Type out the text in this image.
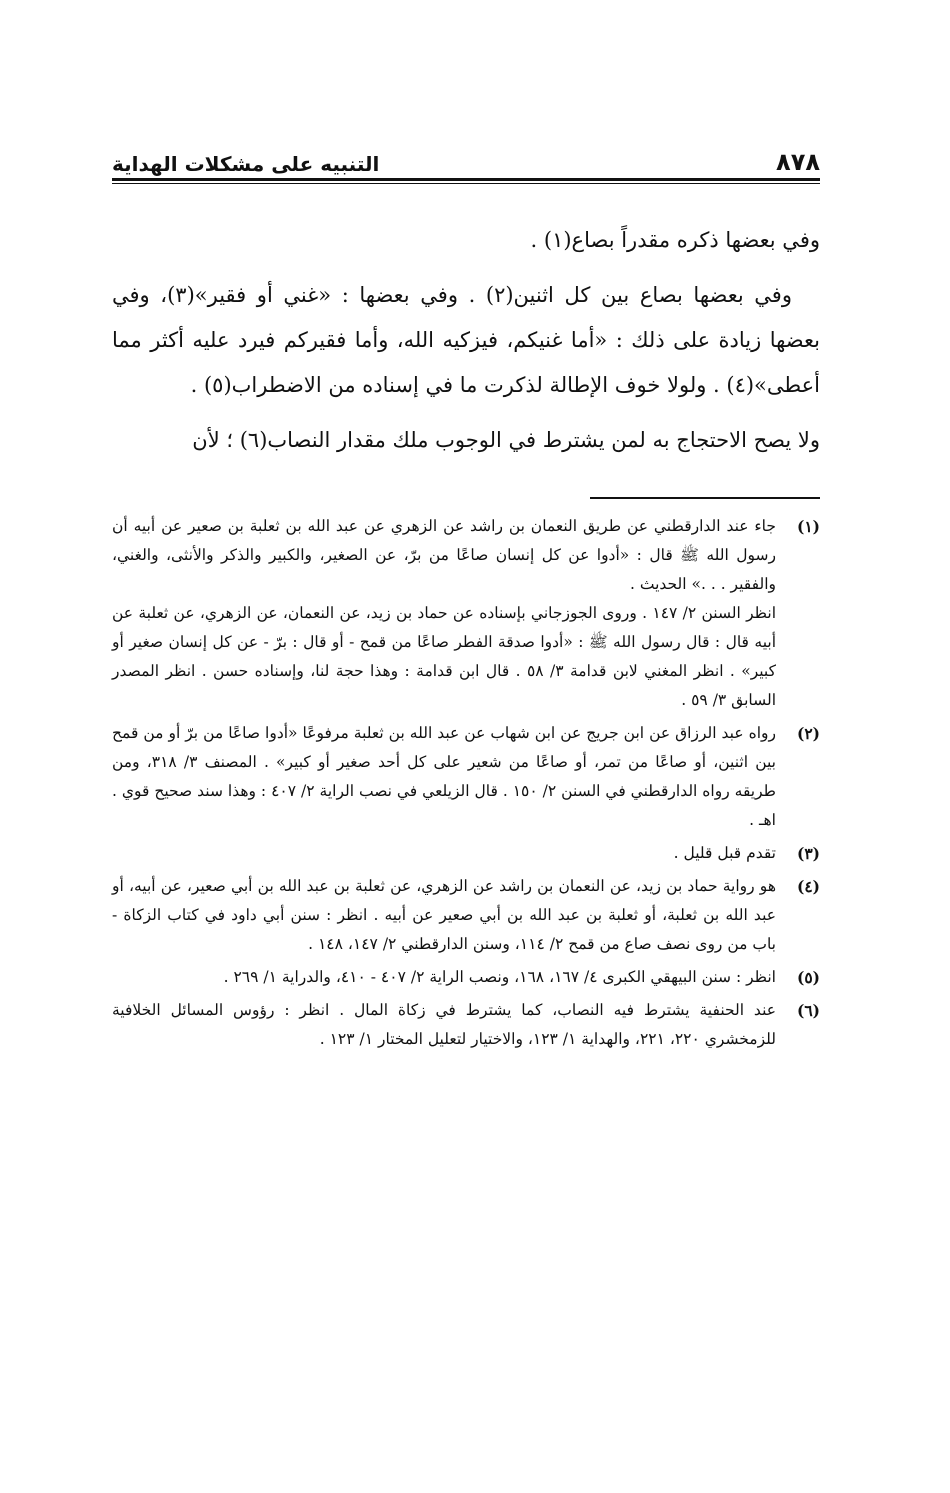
٨٧٨
التنبيه على مشكلات الهداية

وفي بعضها ذكره مقدراً بصاع(١) .

وفي بعضها بصاع بين كل اثنين(٢) . وفي بعضها : «غني أو فقير»(٣)، وفي بعضها زيادة على ذلك : «أما غنيكم، فيزكيه الله، وأما فقيركم فيرد عليه أكثر مما أعطى»(٤) . ولولا خوف الإطالة لذكرت ما في إسناده من الاضطراب(٥) .

ولا يصح الاحتجاج به لمن يشترط في الوجوب ملك مقدار النصاب(٦) ؛ لأن

(١)

جاء عند الدارقطني عن طريق النعمان بن راشد عن الزهري عن عبد الله بن ثعلبة بن صعير عن أبيه أن رسول الله ﷺ قال : «أدوا عن كل إنسان صاعًا من برّ، عن الصغير، والكبير والذكر والأنثى، والغني، والفقير . . .» الحديث .

انظر السنن ٢/ ١٤٧ . وروى الجوزجاني بإسناده عن حماد بن زيد، عن النعمان، عن الزهري، عن ثعلبة عن أبيه قال : قال رسول الله ﷺ : «أدوا صدقة الفطر صاعًا من قمح - أو قال : برّ - عن كل إنسان صغير أو كبير» . انظر المغني لابن قدامة ٣/ ٥٨ . قال ابن قدامة : وهذا حجة لنا، وإسناده حسن . انظر المصدر السابق ٣/ ٥٩ .

(٢)

رواه عبد الرزاق عن ابن جريج عن ابن شهاب عن عبد الله بن ثعلبة مرفوعًا «أدوا صاعًا من برّ أو من قمح بين اثنين، أو صاعًا من تمر، أو صاعًا من شعير على كل أحد صغير أو كبير» . المصنف ٣/ ٣١٨، ومن طريقه رواه الدارقطني في السنن ٢/ ١٥٠ . قال الزيلعي في نصب الراية ٢/ ٤٠٧ : وهذا سند صحيح قوي . اهـ .

(٣)

تقدم قبل قليل .

(٤)

هو رواية حماد بن زيد، عن النعمان بن راشد عن الزهري، عن ثعلبة بن عبد الله بن أبي صعير، عن أبيه، أو عبد الله بن ثعلبة، أو ثعلبة بن عبد الله بن أبي صعير عن أبيه . انظر : سنن أبي داود في كتاب الزكاة - باب من روى نصف صاع من قمح ٢/ ١١٤، وسنن الدارقطني ٢/ ١٤٧، ١٤٨ .

(٥)

انظر : سنن البيهقي الكبرى ٤/ ١٦٧، ١٦٨، ونصب الراية ٢/ ٤٠٧ - ٤١٠، والدراية ١/ ٢٦٩ .

(٦)

عند الحنفية يشترط فيه النصاب، كما يشترط في زكاة المال . انظر : رؤوس المسائل الخلافية للزمخشري ٢٢٠، ٢٢١، والهداية ١/ ١٢٣، والاختيار لتعليل المختار ١/ ١٢٣ .
